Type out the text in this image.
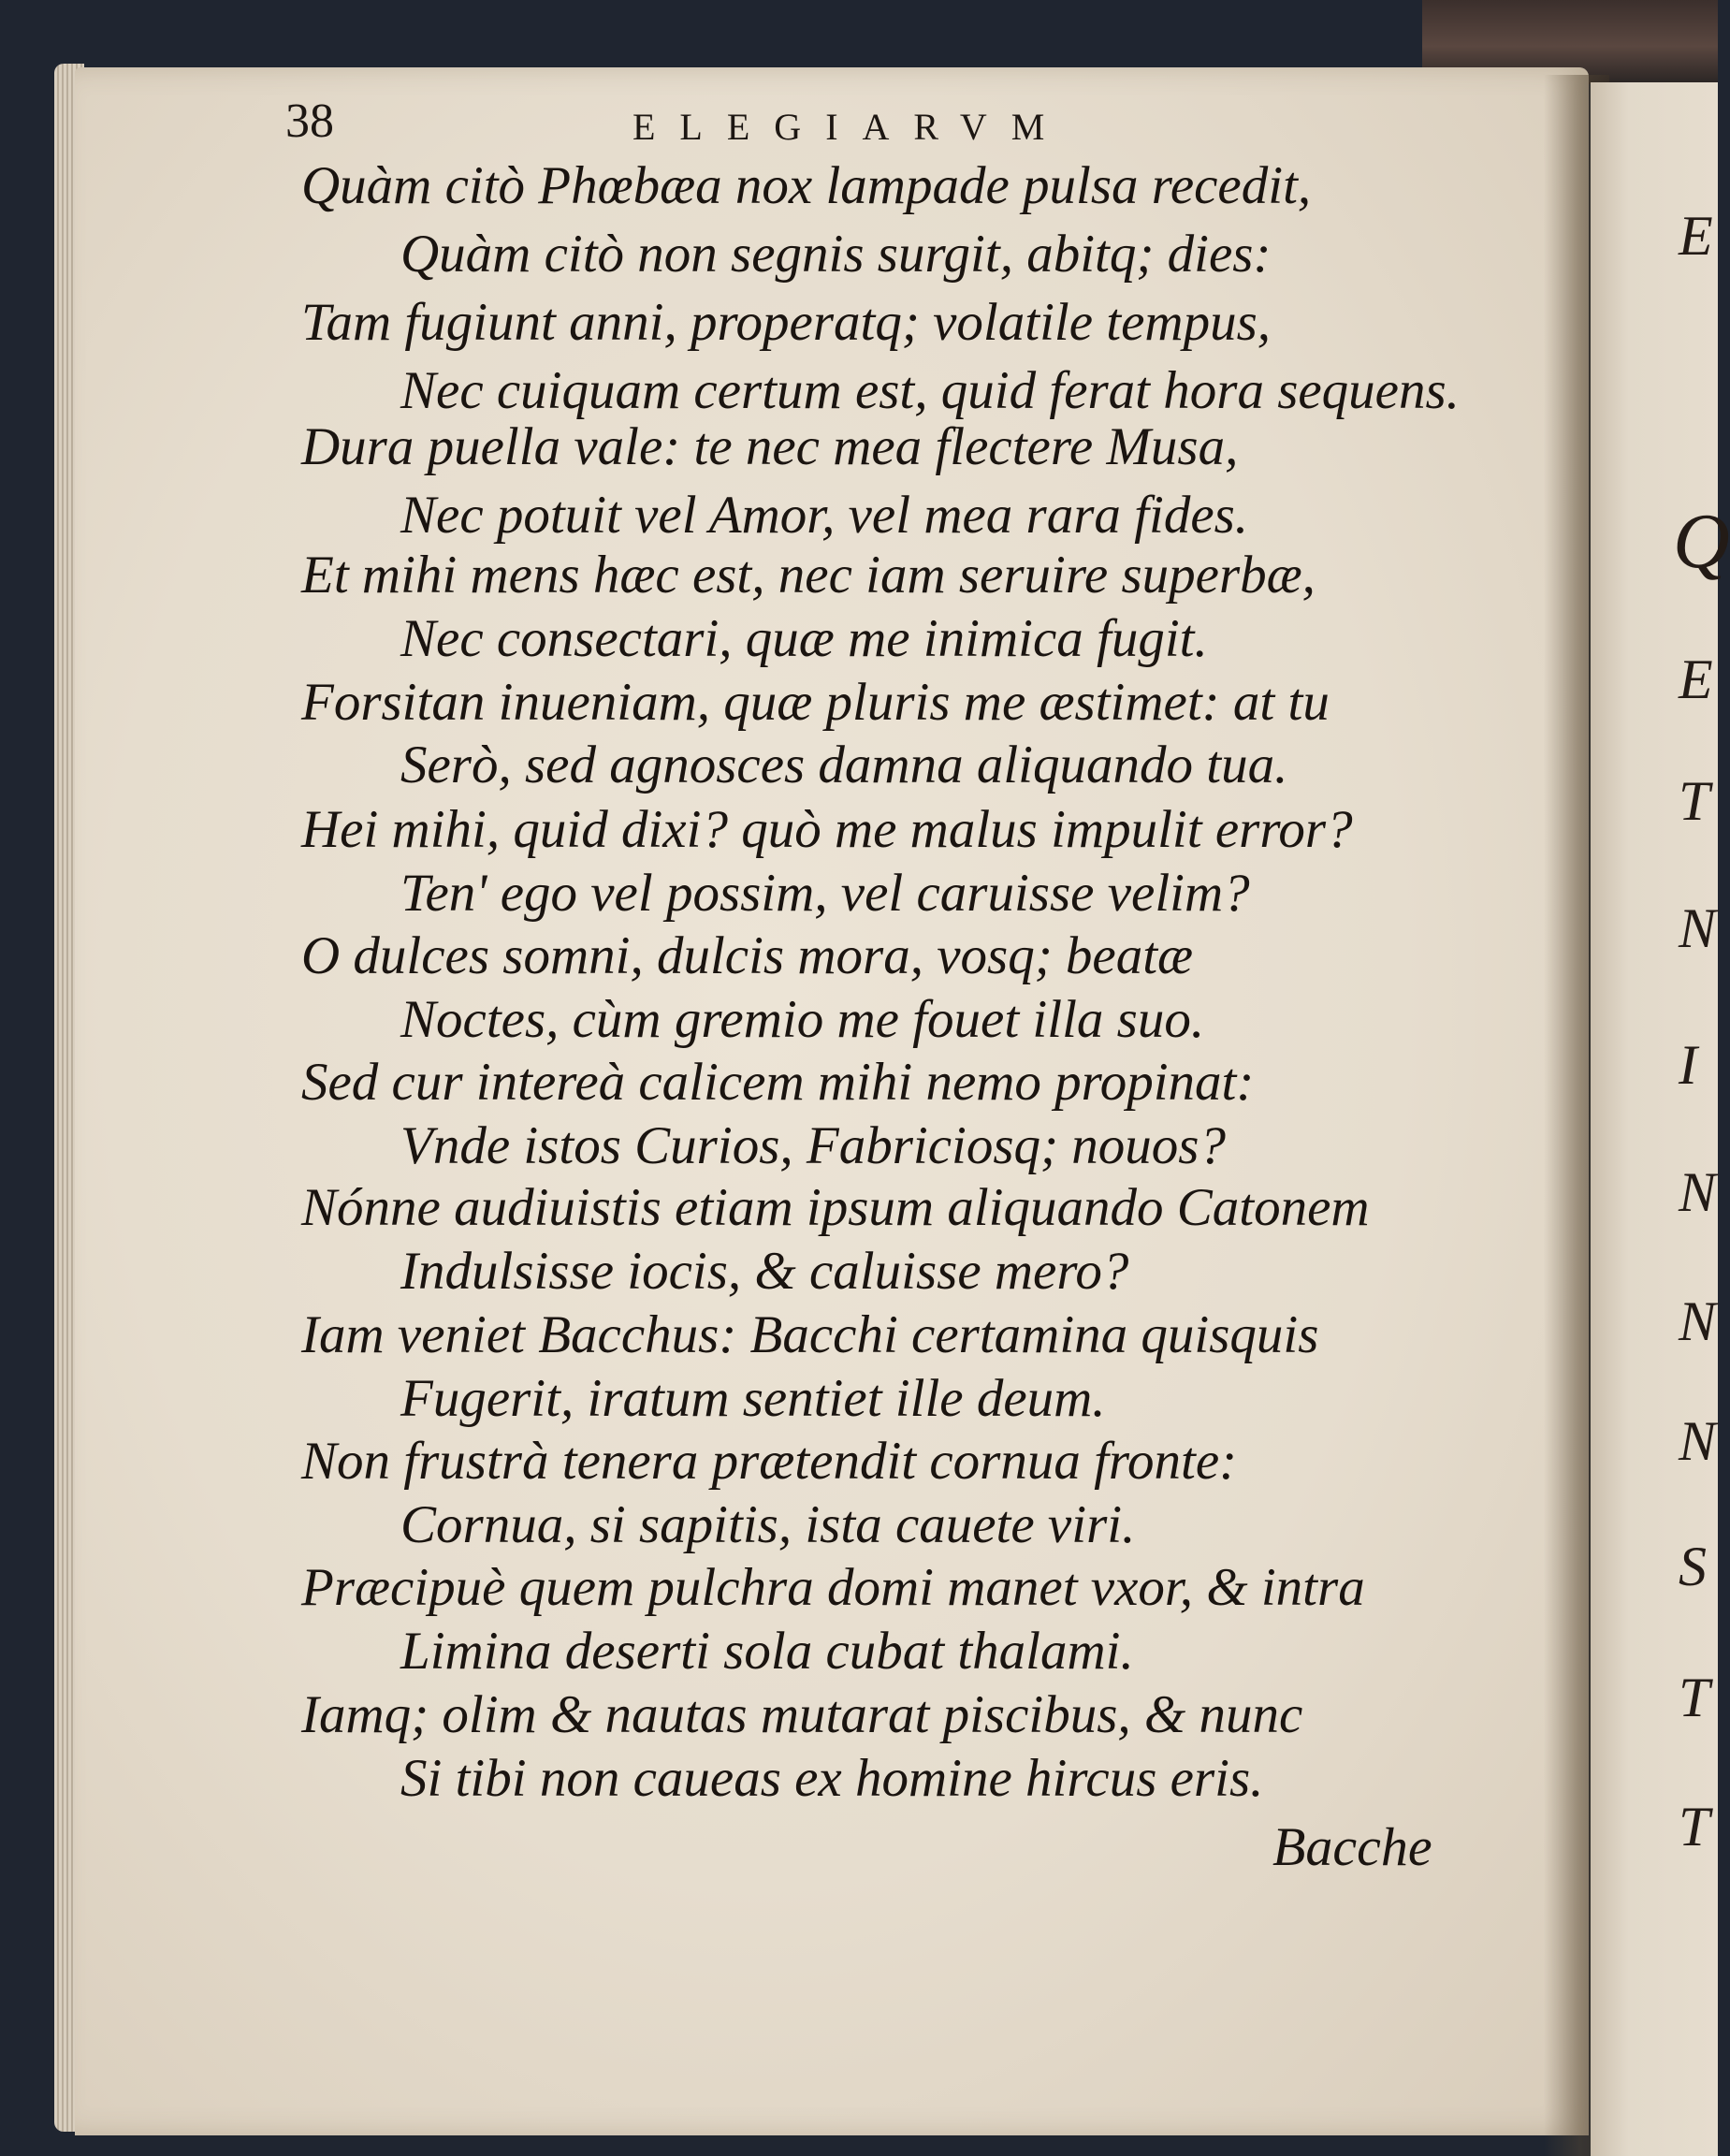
E
Q
E
T
N
I
N
N
N
S
T
T
38	ELEGIARVM
Quàm citò Phœbæa nox lampade pulsa recedit,
Quàm citò non segnis surgit, abitq; dies:
Tam fugiunt anni, properatq; volatile tempus,
Nec cuiquam certum est, quid ferat hora sequens.
Dura puella vale: te nec mea flectere Musa,
Nec potuit vel Amor, vel mea rara fides.
Et mihi mens hæc est, nec iam seruire superbæ,
Nec consectari, quæ me inimica fugit.
Forsitan inueniam, quæ pluris me æstimet: at tu
Serò, sed agnosces damna aliquando tua.
Hei mihi, quid dixi? quò me malus impulit error?
Ten' ego vel possim, vel caruisse velim?
O dulces somni, dulcis mora, vosq; beatæ
Noctes, cùm gremio me fouet illa suo.
Sed cur intereà calicem mihi nemo propinat:
Vnde istos Curios, Fabriciosq; nouos?
Nónne audiuistis etiam ipsum aliquando Catonem
Indulsisse iocis, & caluisse mero?
Iam veniet Bacchus: Bacchi certamina quisquis
Fugerit, iratum sentiet ille deum.
Non frustrà tenera prætendit cornua fronte:
Cornua, si sapitis, ista cauete viri.
Præcipuè quem pulchra domi manet vxor, & intra
Limina deserti sola cubat thalami.
Iamq; olim & nautas mutarat piscibus, & nunc
Si tibi non caueas ex homine hircus eris.
Bacche
